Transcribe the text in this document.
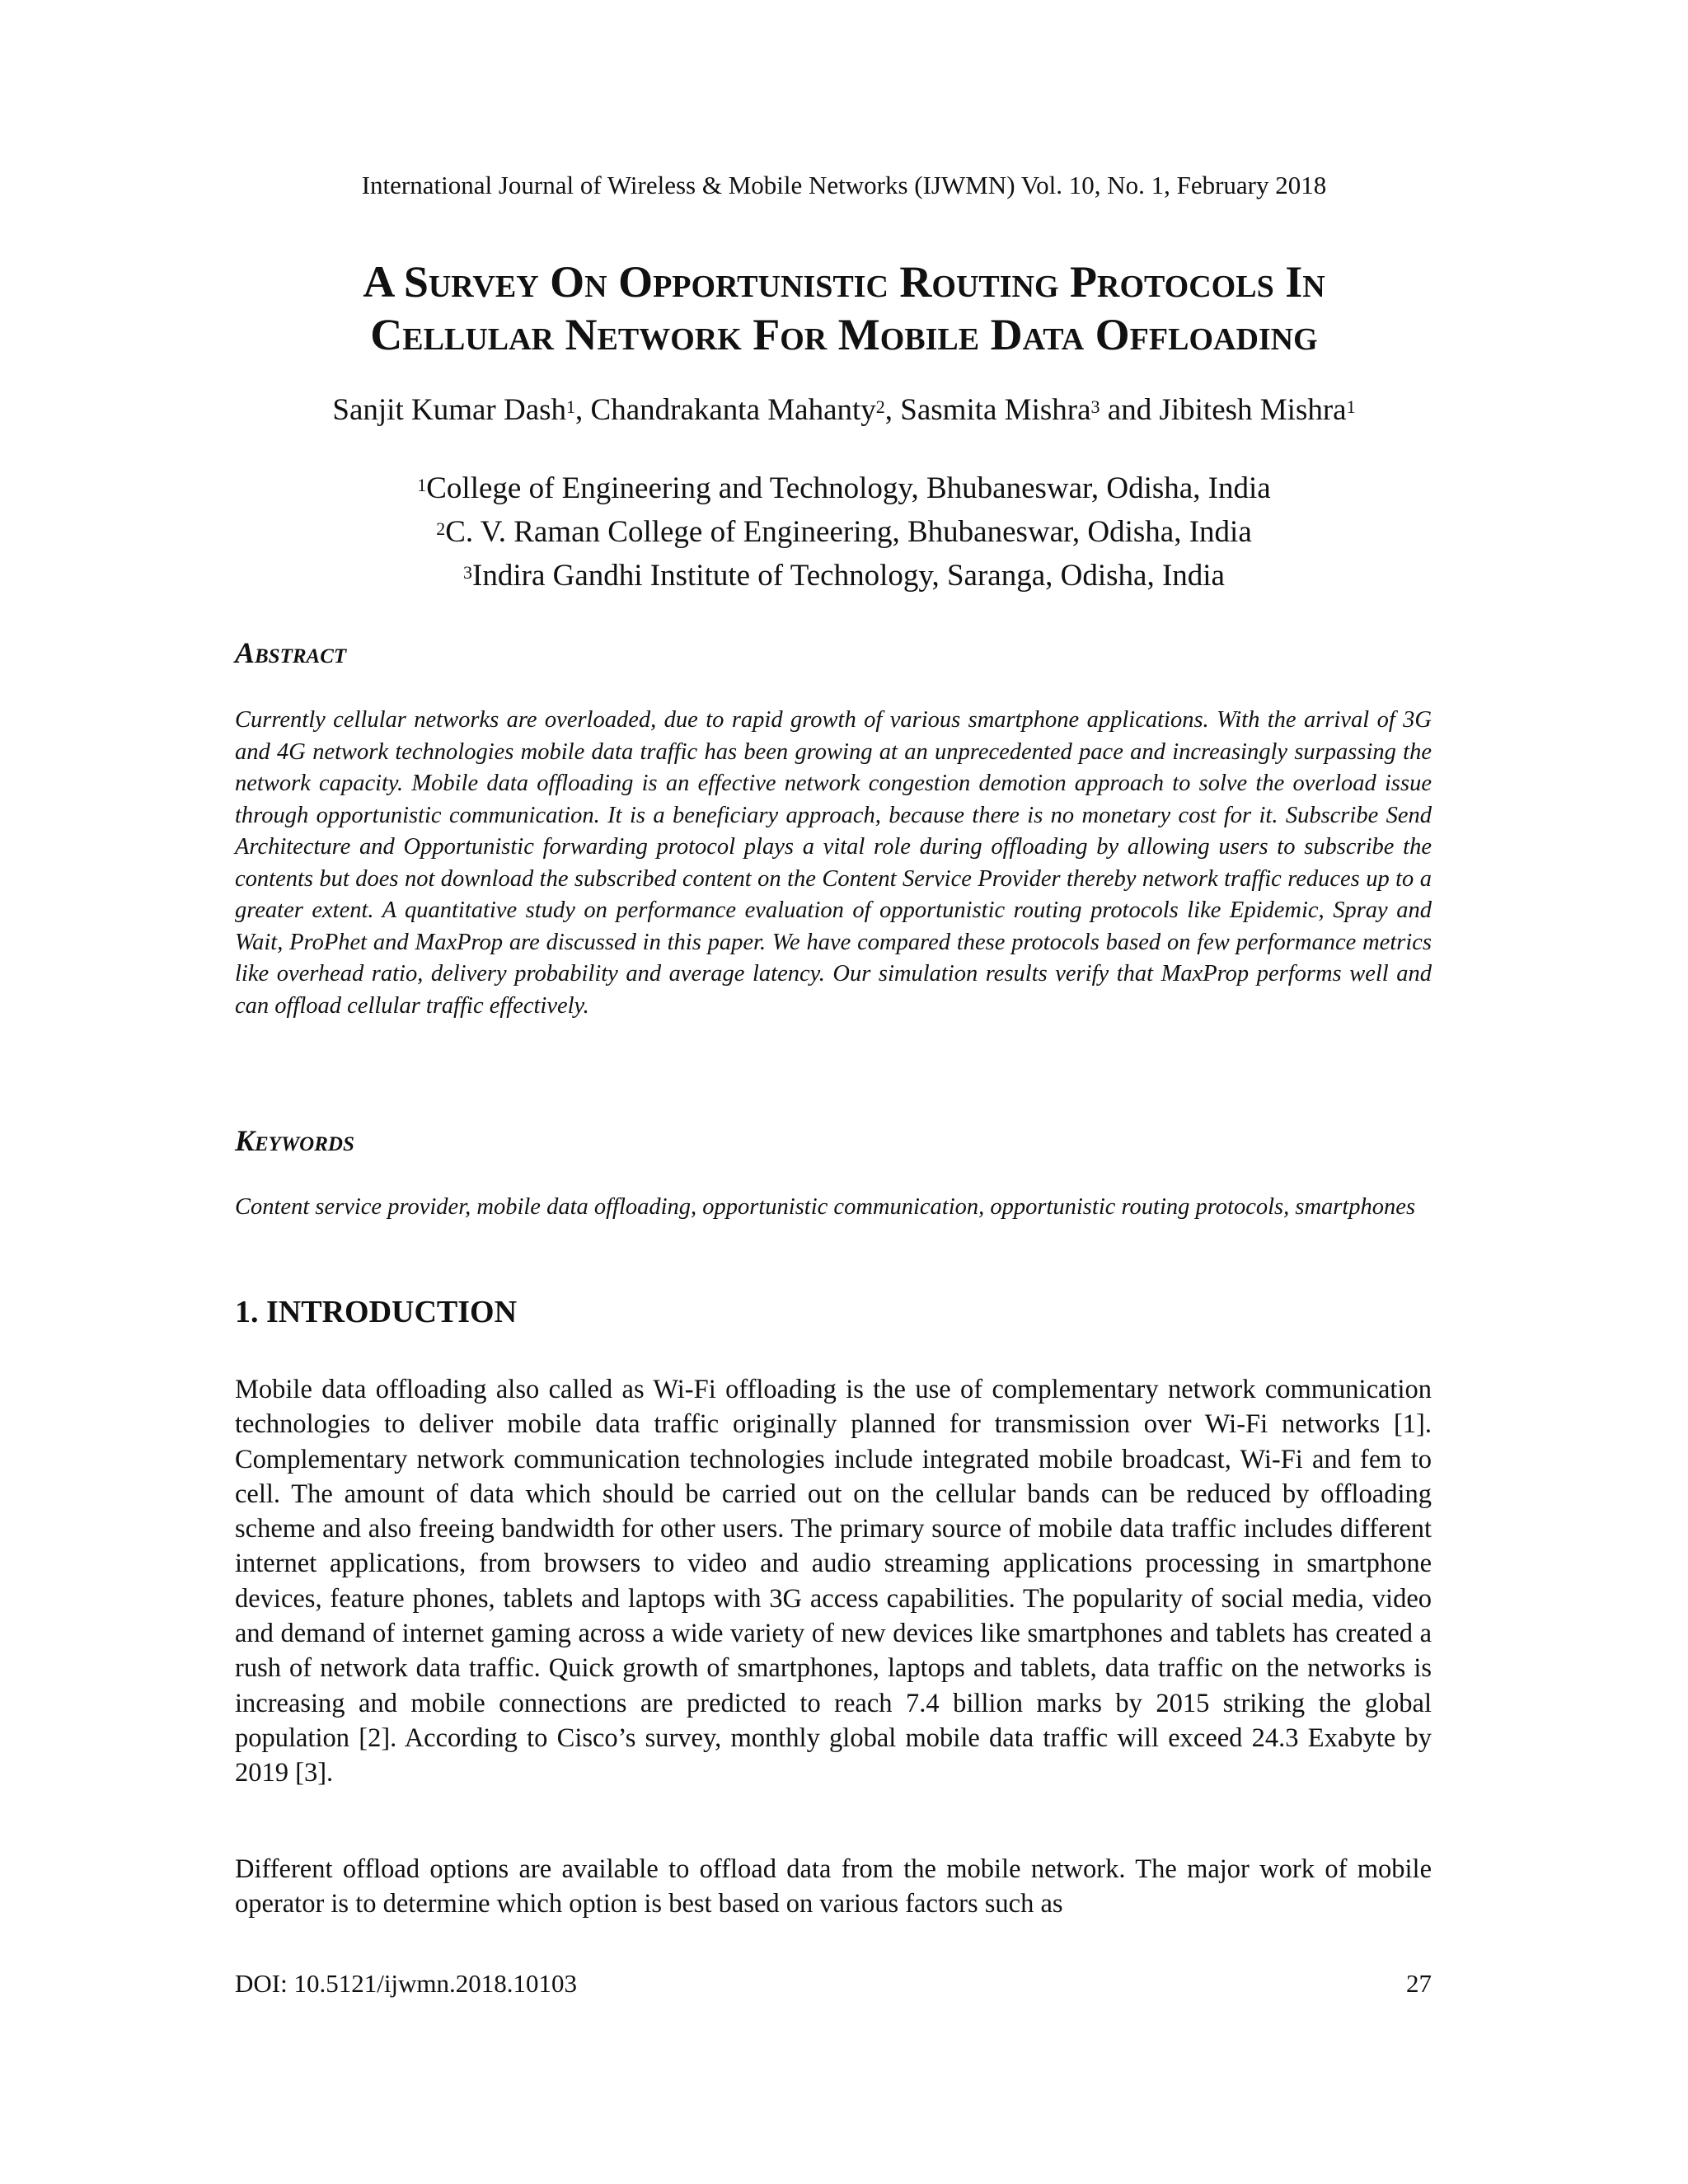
International Journal of Wireless & Mobile Networks (IJWMN) Vol. 10, No. 1, February 2018
A Survey On Opportunistic Routing Protocols In
Cellular Network For Mobile Data Offloading
Sanjit Kumar Dash$^1$, Chandrakanta Mahanty$^2$, Sasmita Mishra$^3$ and Jibitesh Mishra$^1$
$^1$College of Engineering and Technology, Bhubaneswar, Odisha, India
$^2$C. V. Raman College of Engineering, Bhubaneswar, Odisha, India
$^3$Indira Gandhi Institute of Technology, Saranga, Odisha, India
Abstract
Currently cellular networks are overloaded, due to rapid growth of various smartphone applications. With the arrival of 3G and 4G network technologies mobile data traffic has been growing at an unprecedented pace and increasingly surpassing the network capacity. Mobile data offloading is an effective network congestion demotion approach to solve the overload issue through opportunistic communication. It is a beneficiary approach, because there is no monetary cost for it. Subscribe Send Architecture and Opportunistic forwarding protocol plays a vital role during offloading by allowing users to subscribe the contents but does not download the subscribed content on the Content Service Provider thereby network traffic reduces up to a greater extent. A quantitative study on performance evaluation of opportunistic routing protocols like Epidemic, Spray and Wait, ProPhet and MaxProp are discussed in this paper. We have compared these protocols based on few performance metrics like overhead ratio, delivery probability and average latency. Our simulation results verify that MaxProp performs well and can offload cellular traffic effectively.
Keywords
Content service provider, mobile data offloading, opportunistic communication, opportunistic routing protocols, smartphones
1. INTRODUCTION
Mobile data offloading also called as Wi-Fi offloading is the use of complementary network communication technologies to deliver mobile data traffic originally planned for transmission over Wi-Fi networks [1]. Complementary network communication technologies include integrated mobile broadcast, Wi-Fi and fem to cell. The amount of data which should be carried out on the cellular bands can be reduced by offloading scheme and also freeing bandwidth for other users. The primary source of mobile data traffic includes different internet applications, from browsers to video and audio streaming applications processing in smartphone devices, feature phones, tablets and laptops with 3G access capabilities. The popularity of social media, video and demand of internet gaming across a wide variety of new devices like smartphones and tablets has created a rush of network data traffic. Quick growth of smartphones, laptops and tablets, data traffic on the networks is increasing and mobile connections are predicted to reach 7.4 billion marks by 2015 striking the global population [2]. According to Cisco’s survey, monthly global mobile data traffic will exceed 24.3 Exabyte by 2019 [3].
Different offload options are available to offload data from the mobile network. The major work of mobile operator is to determine which option is best based on various factors such as
DOI: 10.5121/ijwmn.2018.10103	27
